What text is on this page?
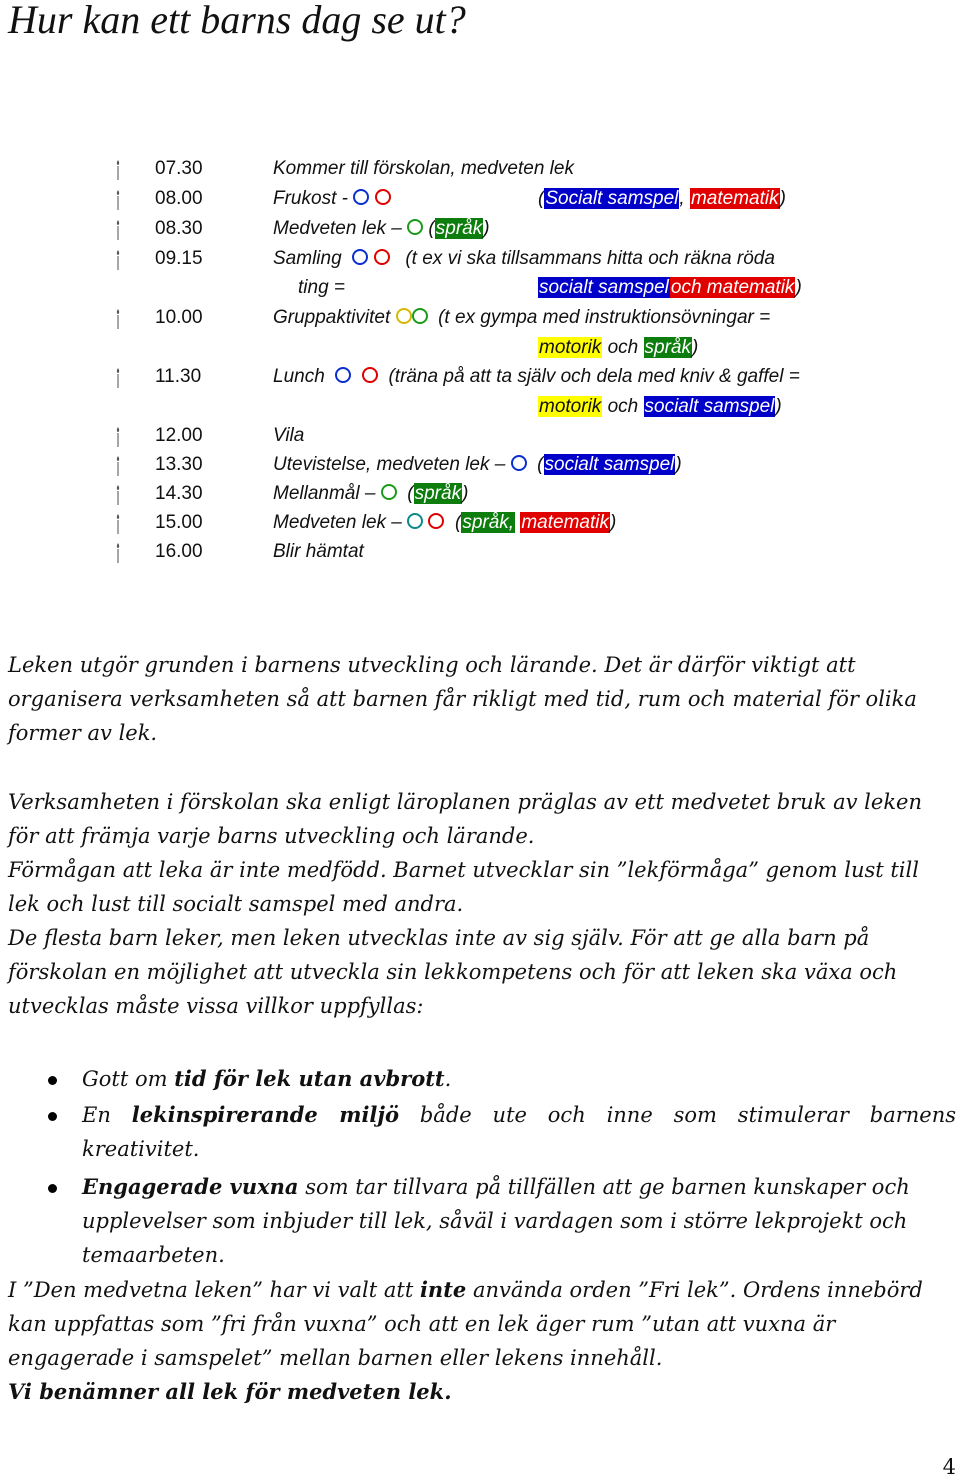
Hur kan ett barns dag se ut?
07.30	Kommer till förskolan, medveten lek
08.00	Frukost -	(Socialt samspel, matematik)
08.30	Medveten lek –  (språk)
09.15	Samling	(t ex vi ska tillsammans hitta och räkna röda
ting =	socialt samspel och matematik)
10.00	Gruppaktivitet	(t ex gympa med instruktionsövningar =
motorik och språk)
11.30	Lunch	(träna på att ta själv och dela med kniv & gaffel =
motorik och socialt samspel)
12.00	Vila
13.30	Utevistelse, medveten lek –   (socialt samspel)
14.30	Mellanmål –   (språk)
15.00	Medveten lek –    (språk, matematik)
16.00	Blir hämtat

Leken utgör grunden i barnens utveckling och lärande. Det är därför viktigt att organisera verksamheten så att barnen får rikligt med tid, rum och material för olika former av lek.

Verksamheten i förskolan ska enligt läroplanen präglas av ett medvetet bruk av leken för att främja varje barns utveckling och lärande.
Förmågan att leka är inte medfödd. Barnet utvecklar sin ”lekförmåga” genom lust till lek och lust till socialt samspel med andra.
De flesta barn leker, men leken utvecklas inte av sig själv. För att ge alla barn på förskolan en möjlighet att utveckla sin lekkompetens och för att leken ska växa och utvecklas måste vissa villkor uppfyllas:
Gott om tid för lek utan avbrott.
En lekinspirerande miljö både ute och inne som stimulerar barnens kreativitet.
Engagerade vuxna som tar tillvara på tillfällen att ge barnen kunskaper och upplevelser som inbjuder till lek, såväl i vardagen som i större lekprojekt och temaarbeten.
I ”Den medvetna leken” har vi valt att inte använda orden ”Fri lek”. Ordens innebörd kan uppfattas som ”fri från vuxna” och att en lek äger rum ”utan att vuxna är engagerade i samspelet” mellan barnen eller lekens innehåll.
Vi benämner all lek för medveten lek.
4
